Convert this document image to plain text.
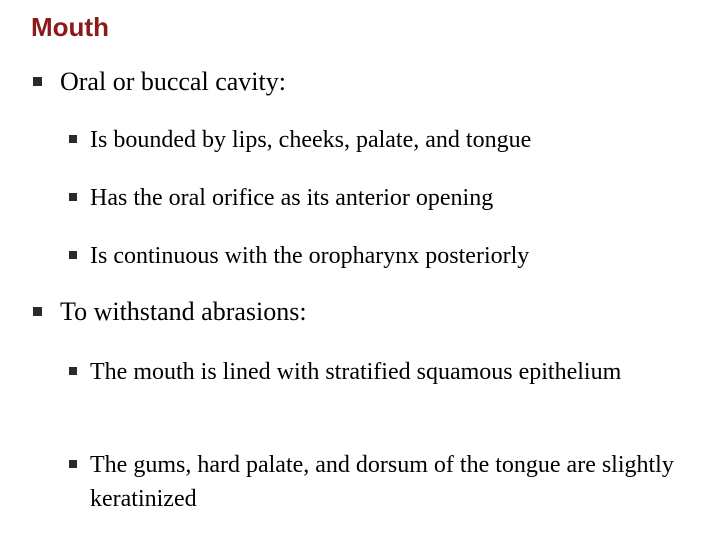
Mouth

Oral or buccal cavity:

Is bounded by lips, cheeks, palate, and tongue

Has the oral orifice as its anterior opening

Is continuous with the oropharynx posteriorly

To withstand abrasions:

The mouth is lined with stratified squamous epithelium

The gums, hard palate, and dorsum of the tongue are slightly keratinized
